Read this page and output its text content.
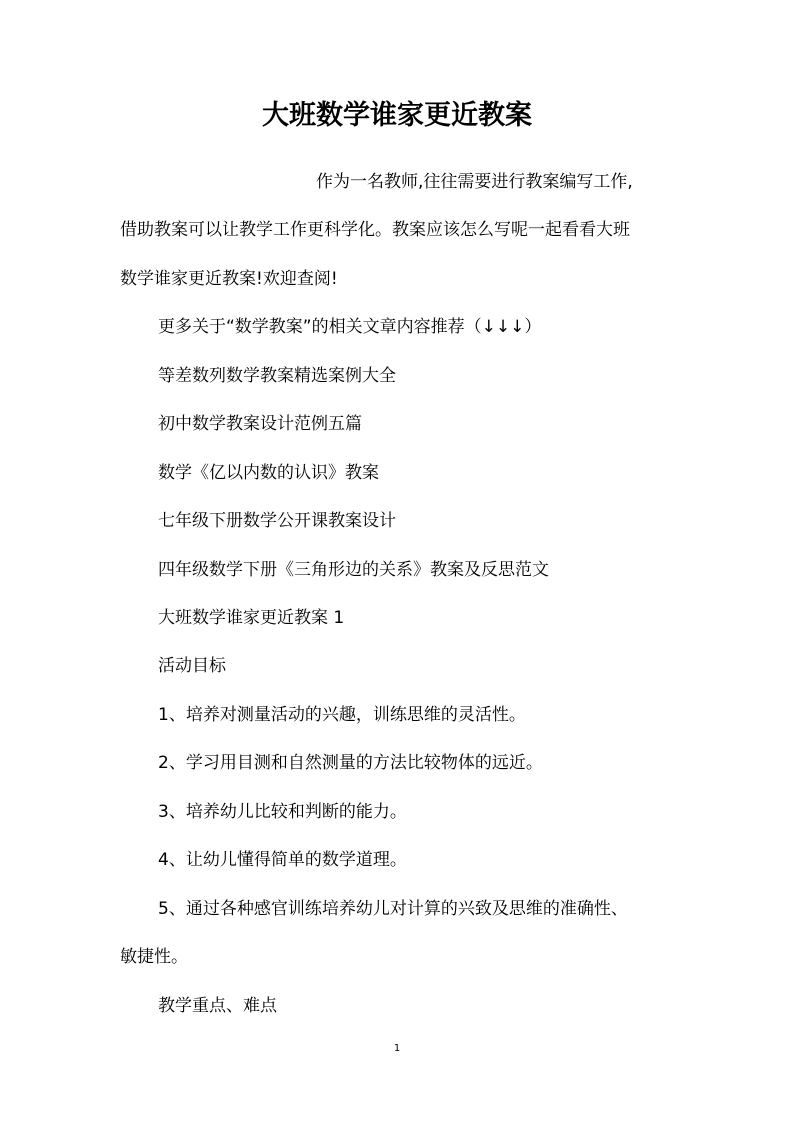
大班数学谁家更近教案

作为一名教师,往往需要进行教案编写工作,

借助教案可以让教学工作更科学化。教案应该怎么写呢一起看看大班

数学谁家更近教案!欢迎查阅!

更多关于“数学教案”的相关文章内容推荐（↓↓↓）

等差数列数学教案精选案例大全

初中数学教案设计范例五篇

数学《亿以内数的认识》教案

七年级下册数学公开课教案设计

四年级数学下册《三角形边的关系》教案及反思范文

大班数学谁家更近教案 1

活动目标

1、培养对测量活动的兴趣，训练思维的灵活性。

2、学习用目测和自然测量的方法比较物体的远近。

3、培养幼儿比较和判断的能力。

4、让幼儿懂得简单的数学道理。

5、通过各种感官训练培养幼儿对计算的兴致及思维的准确性、

敏捷性。

教学重点、难点

1
